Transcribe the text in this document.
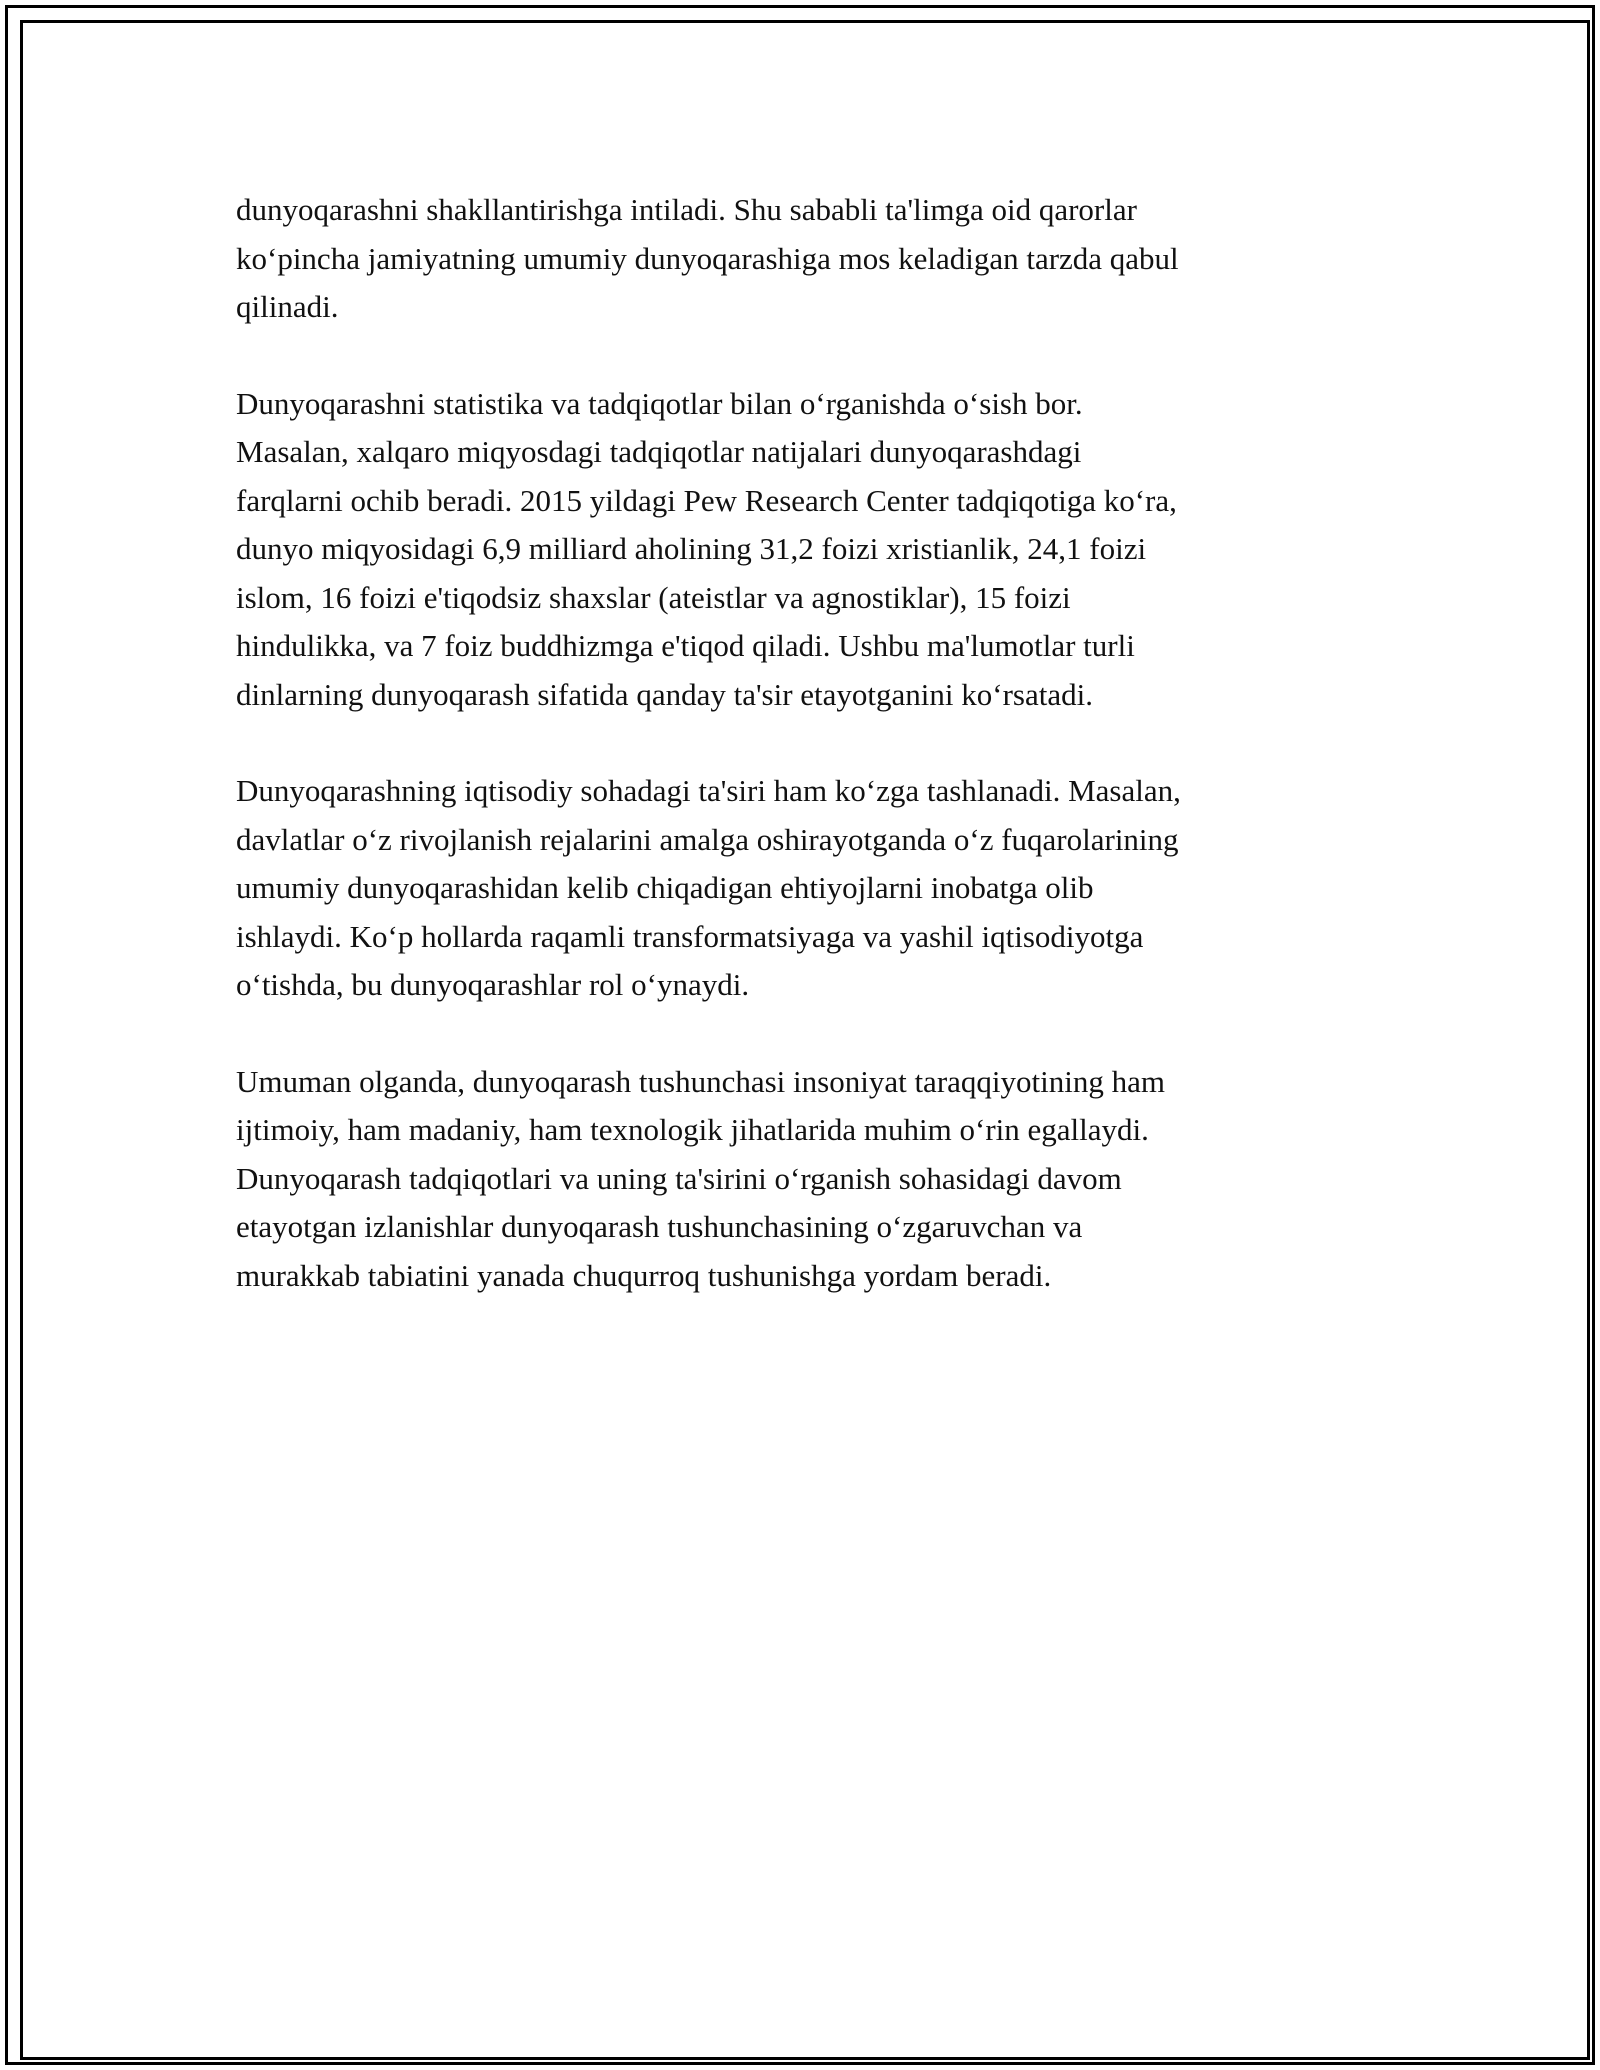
dunyoqarashni shakllantirishga intiladi. Shu sababli ta'limga oid qarorlar
ko‘pincha jamiyatning umumiy dunyoqarashiga mos keladigan tarzda qabul
qilinadi.

Dunyoqarashni statistika va tadqiqotlar bilan o‘rganishda o‘sish bor.
Masalan, xalqaro miqyosdagi tadqiqotlar natijalari dunyoqarashdagi
farqlarni ochib beradi. 2015 yildagi Pew Research Center tadqiqotiga ko‘ra,
dunyo miqyosidagi 6,9 milliard aholining 31,2 foizi xristianlik, 24,1 foizi
islom, 16 foizi e'tiqodsiz shaxslar (ateistlar va agnostiklar), 15 foizi
hindulikka, va 7 foiz buddhizmga e'tiqod qiladi. Ushbu ma'lumotlar turli
dinlarning dunyoqarash sifatida qanday ta'sir etayotganini ko‘rsatadi.

Dunyoqarashning iqtisodiy sohadagi ta'siri ham ko‘zga tashlanadi. Masalan,
davlatlar o‘z rivojlanish rejalarini amalga oshirayotganda o‘z fuqarolarining
umumiy dunyoqarashidan kelib chiqadigan ehtiyojlarni inobatga olib
ishlaydi. Ko‘p hollarda raqamli transformatsiyaga va yashil iqtisodiyotga
o‘tishda, bu dunyoqarashlar rol o‘ynaydi.

Umuman olganda, dunyoqarash tushunchasi insoniyat taraqqiyotining ham
ijtimoiy, ham madaniy, ham texnologik jihatlarida muhim o‘rin egallaydi.
Dunyoqarash tadqiqotlari va uning ta'sirini o‘rganish sohasidagi davom
etayotgan izlanishlar dunyoqarash tushunchasining o‘zgaruvchan va
murakkab tabiatini yanada chuqurroq tushunishga yordam beradi.
